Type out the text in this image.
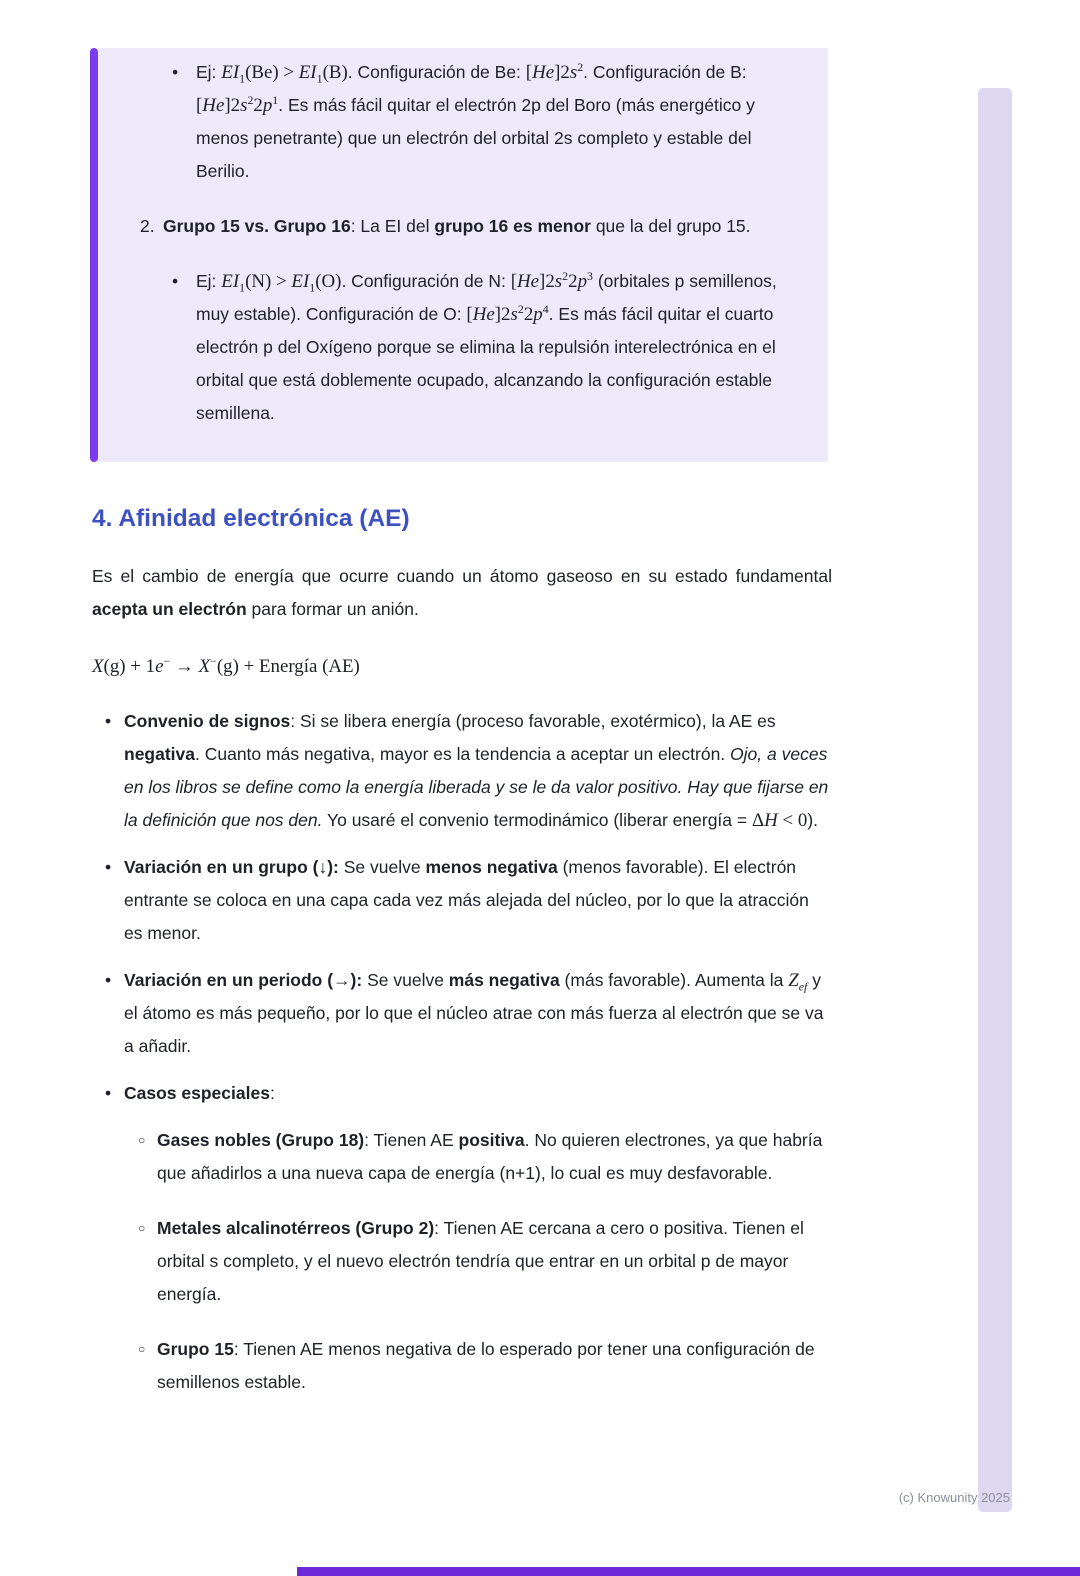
•	Ej: $EI_1(Be) > EI_1(B)$. Configuración de Be: $[He]2s^2$. Configuración de B: $[He]2s^22p^1$. Es más fácil quitar el electrón 2p del Boro (más energético y menos penetrante) que un electrón del orbital 2s completo y estable del Berilio.
2. Grupo 15 vs. Grupo 16: La EI del grupo 16 es menor que la del grupo 15.
•	Ej: $EI_1(N) > EI_1(O)$. Configuración de N: $[He]2s^22p^3$ (orbitales p semillenos, muy estable). Configuración de O: $[He]2s^22p^4$. Es más fácil quitar el cuarto electrón p del Oxígeno porque se elimina la repulsión interelectrónica en el orbital que está doblemente ocupado, alcanzando la configuración estable semillena.
4. Afinidad electrónica (AE)

Es el cambio de energía que ocurre cuando un átomo gaseoso en su estado fundamental acepta un electrón para formar un anión.

X(g) + 1e− → X−(g) + Energía (AE)

• Convenio de signos: Si se libera energía (proceso favorable, exotérmico), la AE es negativa. Cuanto más negativa, mayor es la tendencia a aceptar un electrón. Ojo, a veces en los libros se define como la energía liberada y se le da valor positivo. Hay que fijarse en la definición que nos den. Yo usaré el convenio termodinámico (liberar energía = ΔH < 0).
• Variación en un grupo (↓): Se vuelve menos negativa (menos favorable). El electrón entrante se coloca en una capa cada vez más alejada del núcleo, por lo que la atracción es menor.
• Variación en un periodo (→): Se vuelve más negativa (más favorable). Aumenta la $Z_{ef}$ y el átomo es más pequeño, por lo que el núcleo atrae con más fuerza al electrón que se va a añadir.
• Casos especiales:
○ Gases nobles (Grupo 18): Tienen AE positiva. No quieren electrones, ya que habría que añadirlos a una nueva capa de energía (n+1), lo cual es muy desfavorable.
○ Metales alcalinotérreos (Grupo 2): Tienen AE cercana a cero o positiva. Tienen el orbital s completo, y el nuevo electrón tendría que entrar en un orbital p de mayor energía.
○ Grupo 15: Tienen AE menos negativa de lo esperado por tener una configuración de semillenos estable.
(c) Knowunity 2025
